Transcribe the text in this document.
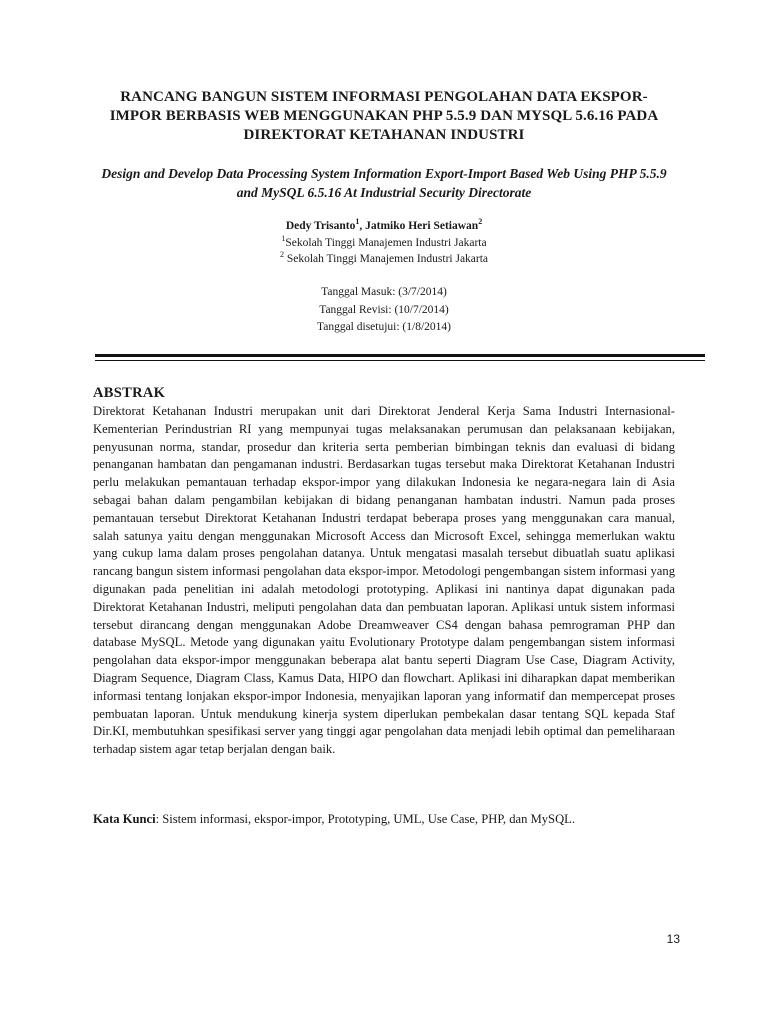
RANCANG BANGUN SISTEM INFORMASI PENGOLAHAN DATA EKSPOR-IMPOR BERBASIS WEB MENGGUNAKAN PHP 5.5.9 DAN MYSQL 5.6.16 PADA DIREKTORAT KETAHANAN INDUSTRI
Design and Develop Data Processing System Information Export-Import Based Web Using PHP 5.5.9 and MySQL 6.5.16 At Industrial Security Directorate
Dedy Trisanto$^1$, Jatmiko Heri Setiawan$^2$
$^1$Sekolah Tinggi Manajemen Industri Jakarta
$^2$ Sekolah Tinggi Manajemen Industri Jakarta
Tanggal Masuk: (3/7/2014)
Tanggal Revisi: (10/7/2014)
Tanggal disetujui: (1/8/2014)
ABSTRAK
Direktorat Ketahanan Industri merupakan unit dari Direktorat Jenderal Kerja Sama Industri Internasional-Kementerian Perindustrian RI yang mempunyai tugas melaksanakan perumusan dan pelaksanaan kebijakan, penyusunan norma, standar, prosedur dan kriteria serta pemberian bimbingan teknis dan evaluasi di bidang penanganan hambatan dan pengamanan industri. Berdasarkan tugas tersebut maka Direktorat Ketahanan Industri perlu melakukan pemantauan terhadap ekspor-impor yang dilakukan Indonesia ke negara-negara lain di Asia sebagai bahan dalam pengambilan kebijakan di bidang penanganan hambatan industri. Namun pada proses pemantauan tersebut Direktorat Ketahanan Industri terdapat beberapa proses yang menggunakan cara manual, salah satunya yaitu dengan menggunakan Microsoft Access dan Microsoft Excel, sehingga memerlukan waktu yang cukup lama dalam proses pengolahan datanya. Untuk mengatasi masalah tersebut dibuatlah suatu aplikasi rancang bangun sistem informasi pengolahan data ekspor-impor. Metodologi pengembangan sistem informasi yang digunakan pada penelitian ini adalah metodologi prototyping. Aplikasi ini nantinya dapat digunakan pada Direktorat Ketahanan Industri, meliputi pengolahan data dan pembuatan laporan. Aplikasi untuk sistem informasi tersebut dirancang dengan menggunakan Adobe Dreamweaver CS4 dengan bahasa pemrograman PHP dan database MySQL. Metode yang digunakan yaitu Evolutionary Prototype dalam pengembangan sistem informasi pengolahan data ekspor-impor menggunakan beberapa alat bantu seperti Diagram Use Case, Diagram Activity, Diagram Sequence, Diagram Class, Kamus Data, HIPO dan flowchart. Aplikasi ini diharapkan dapat memberikan informasi tentang lonjakan ekspor-impor Indonesia, menyajikan laporan yang informatif dan mempercepat proses pembuatan laporan. Untuk mendukung kinerja system diperlukan pembekalan dasar tentang SQL kepada Staf Dir.KI, membutuhkan spesifikasi server yang tinggi agar pengolahan data menjadi lebih optimal dan pemeliharaan terhadap sistem agar tetap berjalan dengan baik.
Kata Kunci: Sistem informasi, ekspor-impor, Prototyping, UML, Use Case, PHP, dan MySQL.
13
